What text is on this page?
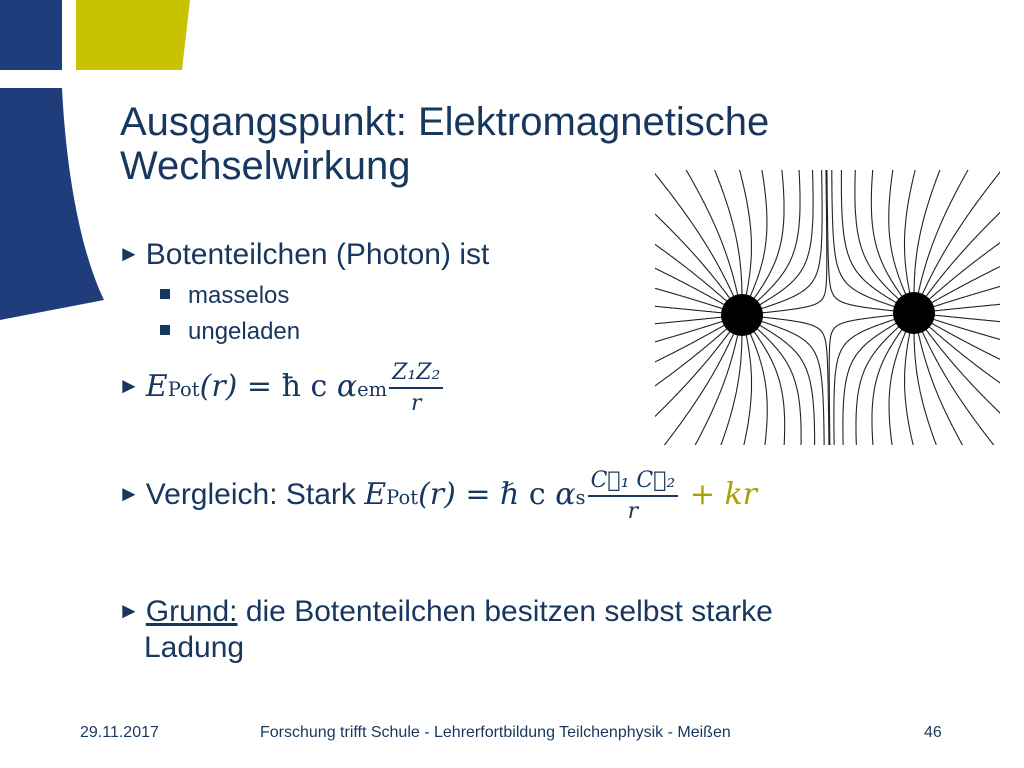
Ausgangspunkt: Elektromagnetische
Wechselwirkung
► Botenteilchen (Photon) ist
masselos
ungeladen
► EPot(r) = ħ c αem $\frac{\text{Z₁Z₂}}{r}$
► Vergleich: Stark EPot(r) = ℏ c αs $\frac{\text{C⃗₁ C⃗₂}}{r}$ + kr
► Grund: die Botenteilchen besitzen selbst starke
Ladung
29.11.2017	Forschung trifft Schule - Lehrerfortbildung Teilchenphysik - Meißen	46
